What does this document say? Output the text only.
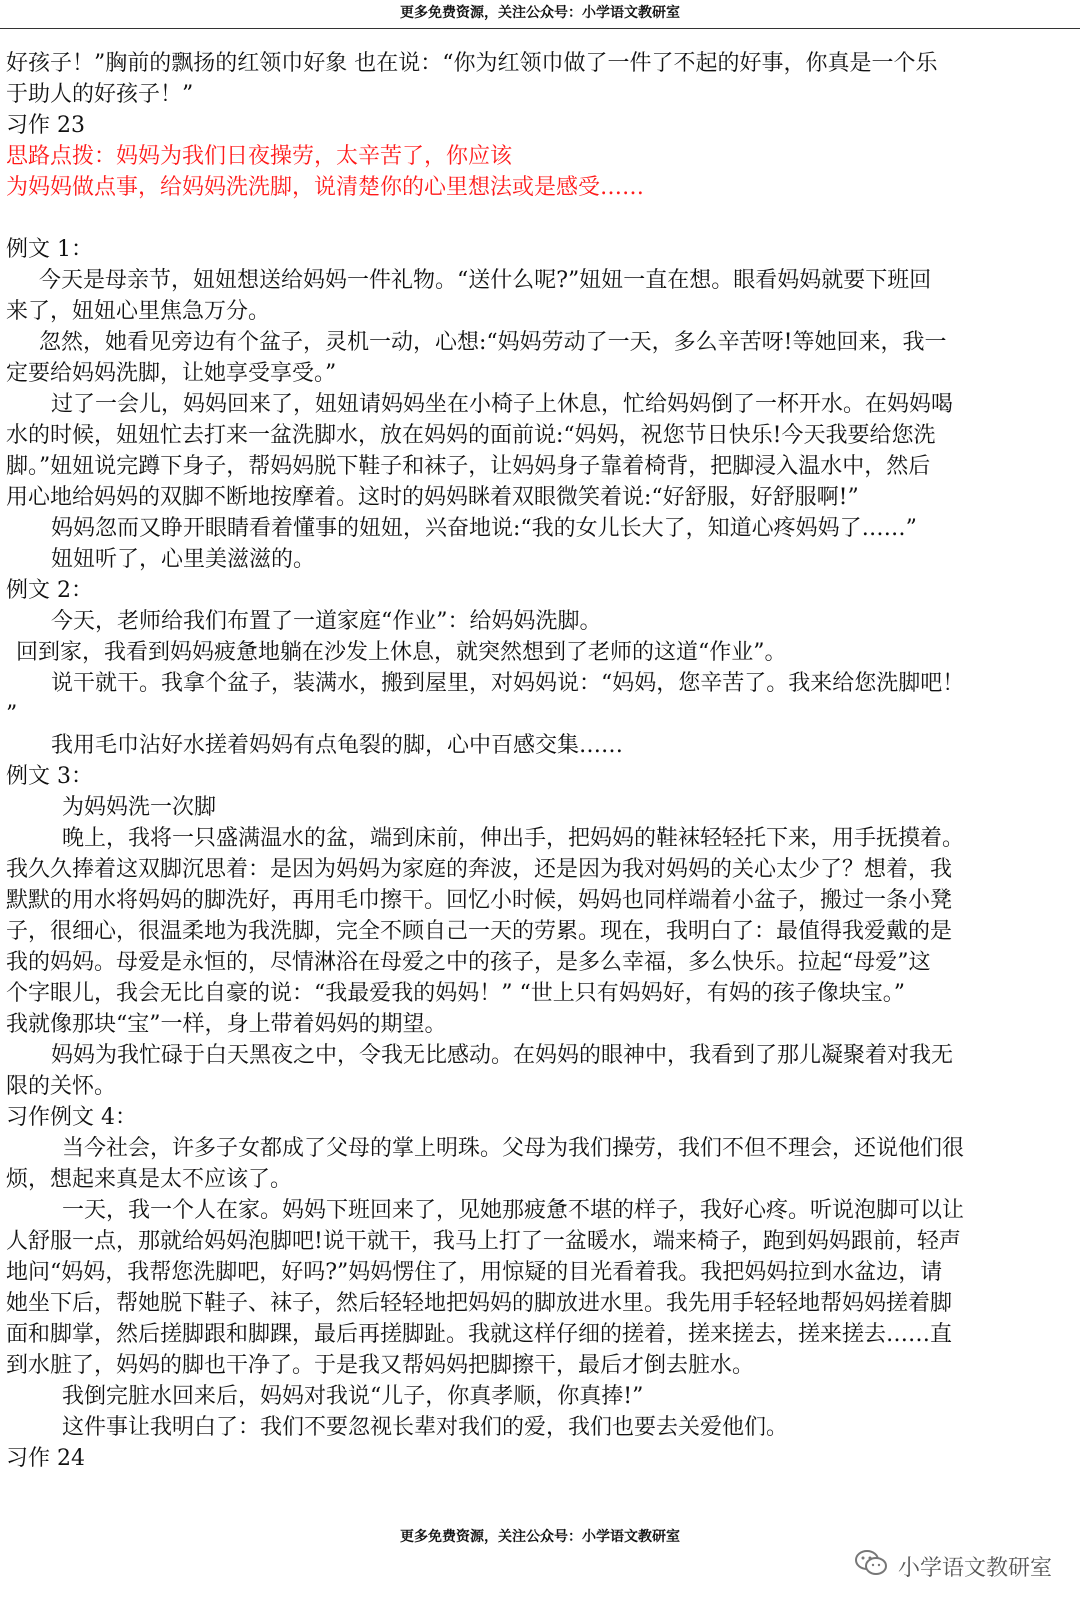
更多免费资源，关注公众号：小学语文教研室
好孩子！”胸前的飘扬的红领巾好象 也在说：“你为红领巾做了一件了不起的好事，你真是一个乐
于助人的好孩子！”
习作 23
思路点拨：妈妈为我们日夜操劳，太辛苦了，你应该
为妈妈做点事，给妈妈洗洗脚，说清楚你的心里想法或是感受……
例文 1：
今天是母亲节，妞妞想送给妈妈一件礼物。“送什么呢?”妞妞一直在想。眼看妈妈就要下班回
来了，妞妞心里焦急万分。
忽然，她看见旁边有个盆子，灵机一动，心想:“妈妈劳动了一天，多么辛苦呀!等她回来，我一
定要给妈妈洗脚，让她享受享受。”
过了一会儿，妈妈回来了，妞妞请妈妈坐在小椅子上休息，忙给妈妈倒了一杯开水。在妈妈喝
水的时候，妞妞忙去打来一盆洗脚水，放在妈妈的面前说:“妈妈，祝您节日快乐!今天我要给您洗
脚。”妞妞说完蹲下身子，帮妈妈脱下鞋子和袜子，让妈妈身子靠着椅背，把脚浸入温水中，然后
用心地给妈妈的双脚不断地按摩着。这时的妈妈眯着双眼微笑着说:“好舒服，好舒服啊!”
妈妈忽而又睁开眼睛看着懂事的妞妞，兴奋地说:“我的女儿长大了，知道心疼妈妈了……”
妞妞听了，心里美滋滋的。
例文 2：
今天，老师给我们布置了一道家庭“作业”：给妈妈洗脚。
回到家，我看到妈妈疲惫地躺在沙发上休息，就突然想到了老师的这道“作业”。
说干就干。我拿个盆子，装满水，搬到屋里，对妈妈说：“妈妈，您辛苦了。我来给您洗脚吧！
”
我用毛巾沾好水搓着妈妈有点龟裂的脚，心中百感交集……
例文 3：
为妈妈洗一次脚
晚上，我将一只盛满温水的盆，端到床前，伸出手，把妈妈的鞋袜轻轻托下来，用手抚摸着。
我久久捧着这双脚沉思着：是因为妈妈为家庭的奔波，还是因为我对妈妈的关心太少了？想着，我
默默的用水将妈妈的脚洗好，再用毛巾擦干。回忆小时候，妈妈也同样端着小盆子，搬过一条小凳
子，很细心，很温柔地为我洗脚，完全不顾自己一天的劳累。现在，我明白了：最值得我爱戴的是
我的妈妈。母爱是永恒的，尽情淋浴在母爱之中的孩子，是多么幸福，多么快乐。拉起“母爱”这
个字眼儿，我会无比自豪的说：“我最爱我的妈妈！” “世上只有妈妈好，有妈的孩子像块宝。”
我就像那块“宝”一样，身上带着妈妈的期望。
妈妈为我忙碌于白天黑夜之中，令我无比感动。在妈妈的眼神中，我看到了那儿凝聚着对我无
限的关怀。
习作例文 4：
当今社会，许多子女都成了父母的掌上明珠。父母为我们操劳，我们不但不理会，还说他们很
烦，想起来真是太不应该了。
一天，我一个人在家。妈妈下班回来了，见她那疲惫不堪的样子，我好心疼。听说泡脚可以让
人舒服一点，那就给妈妈泡脚吧!说干就干，我马上打了一盆暖水，端来椅子，跑到妈妈跟前，轻声
地问“妈妈，我帮您洗脚吧，好吗?”妈妈愣住了，用惊疑的目光看着我。我把妈妈拉到水盆边，请
她坐下后，帮她脱下鞋子、袜子，然后轻轻地把妈妈的脚放进水里。我先用手轻轻地帮妈妈搓着脚
面和脚掌，然后搓脚跟和脚踝，最后再搓脚趾。我就这样仔细的搓着，搓来搓去，搓来搓去……直
到水脏了，妈妈的脚也干净了。于是我又帮妈妈把脚擦干，最后才倒去脏水。
我倒完脏水回来后，妈妈对我说“儿子，你真孝顺，你真捧!”
这件事让我明白了：我们不要忽视长辈对我们的爱，我们也要去关爱他们。
习作 24
更多免费资源，关注公众号：小学语文教研室
小学语文教研室
